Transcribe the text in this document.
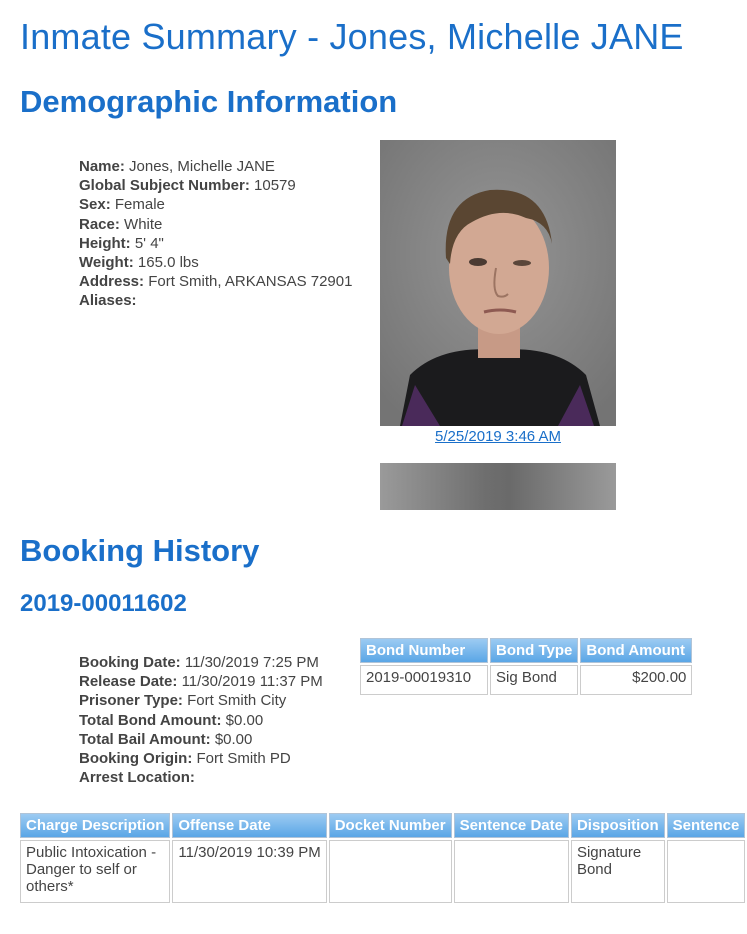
Inmate Summary - Jones, Michelle JANE
Demographic Information
Name: Jones, Michelle JANE
Global Subject Number: 10579
Sex: Female
Race: White
Height: 5' 4"
Weight: 165.0 lbs
Address: Fort Smith, ARKANSAS 72901
Aliases:
5/25/2019 3:46 AM
Booking History
2019-00011602
Booking Date: 11/30/2019 7:25 PM
Release Date: 11/30/2019 11:37 PM
Prisoner Type: Fort Smith City
Total Bond Amount: $0.00
Total Bail Amount: $0.00
Booking Origin: Fort Smith PD
Arrest Location:
Bond Number	Bond Type	Bond Amount
2019-00019310	Sig Bond	$200.00
Charge Description	Offense Date	Docket Number	Sentence Date	Disposition	Sentence
Public Intoxication - Danger to self or others*	11/30/2019 10:39 PM			Signature Bond	
